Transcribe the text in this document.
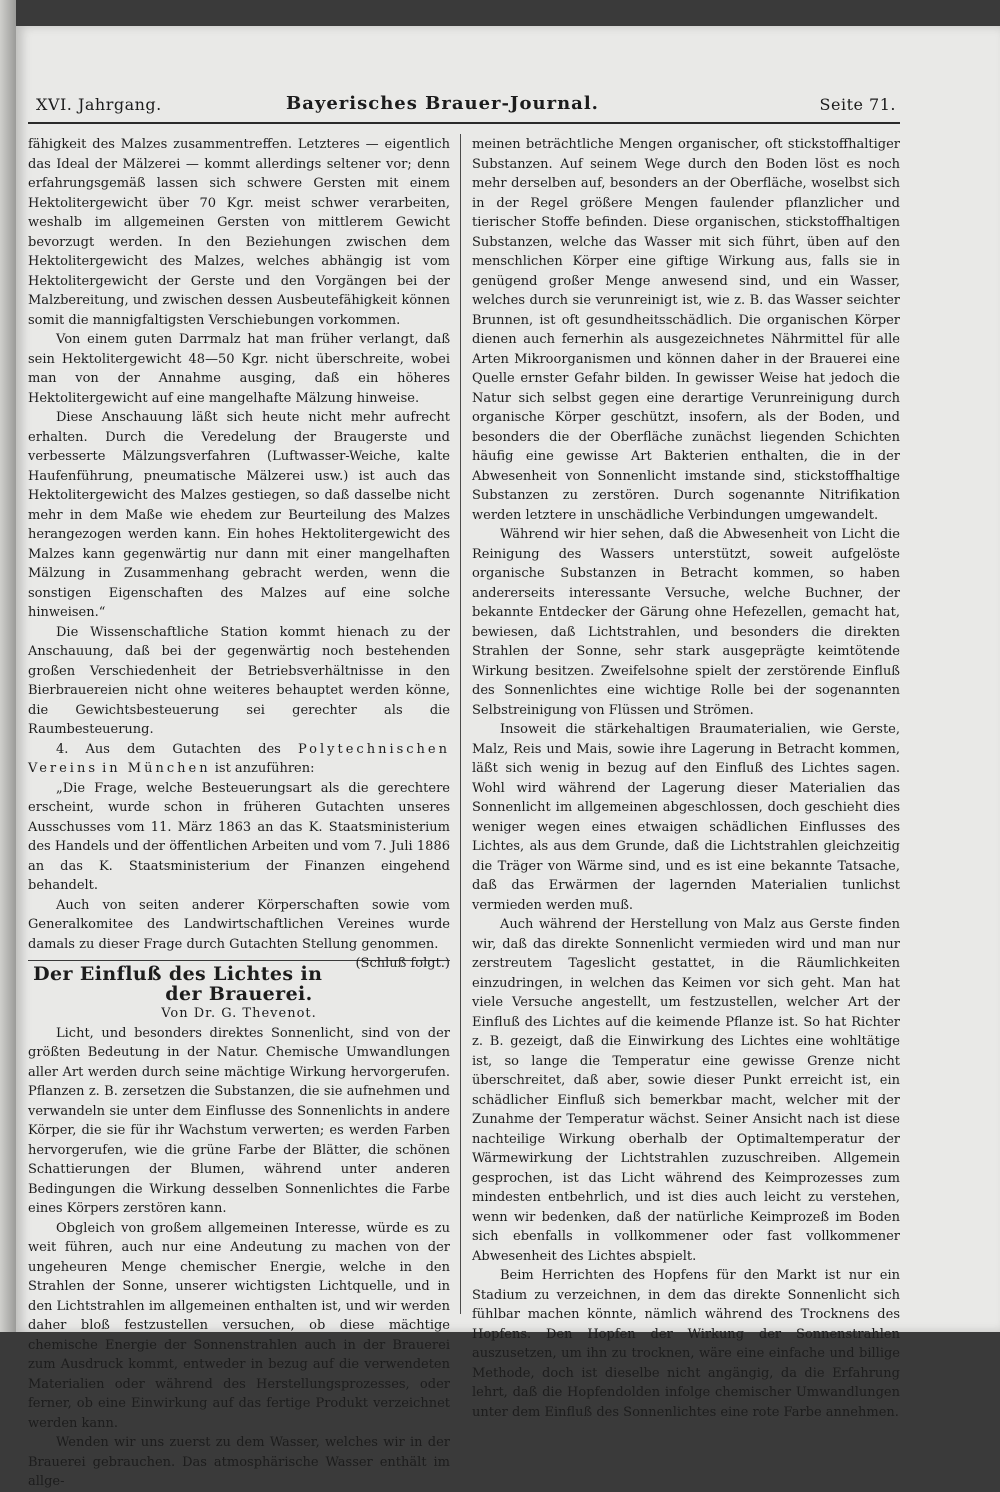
XVI. Jahrgang.	Bayerisches Brauer-Journal.	Seite 71.

fähigkeit des Malzes zusammentreffen. Letzteres — eigentlich das Ideal der Mälzerei — kommt allerdings seltener vor; denn erfahrungsgemäß lassen sich schwere Gersten mit einem Hektolitergewicht über 70 Kgr. meist schwer verarbeiten, weshalb im allgemeinen Gersten von mittlerem Gewicht bevorzugt werden. In den Beziehungen zwischen dem Hektolitergewicht des Malzes, welches abhängig ist vom Hektolitergewicht der Gerste und den Vorgängen bei der Malzbereitung, und zwischen dessen Ausbeutefähigkeit können somit die mannigfaltigsten Verschiebungen vorkommen.

Von einem guten Darrmalz hat man früher verlangt, daß sein Hektolitergewicht 48—50 Kgr. nicht überschreite, wobei man von der Annahme ausging, daß ein höheres Hektolitergewicht auf eine mangelhafte Mälzung hinweise.

Diese Anschauung läßt sich heute nicht mehr aufrecht erhalten. Durch die Veredelung der Braugerste und verbesserte Mälzungsverfahren (Luftwasser-Weiche, kalte Haufenführung, pneumatische Mälzerei usw.) ist auch das Hektolitergewicht des Malzes gestiegen, so daß dasselbe nicht mehr in dem Maße wie ehedem zur Beurteilung des Malzes herangezogen werden kann. Ein hohes Hektolitergewicht des Malzes kann gegenwärtig nur dann mit einer mangelhaften Mälzung in Zusammenhang gebracht werden, wenn die sonstigen Eigenschaften des Malzes auf eine solche hinweisen.“

Die Wissenschaftliche Station kommt hienach zu der Anschauung, daß bei der gegenwärtig noch bestehenden großen Verschiedenheit der Betriebsverhältnisse in den Bierbrauereien nicht ohne weiteres behauptet werden könne, die Gewichtsbesteuerung sei gerechter als die Raumbesteuerung.

4. Aus dem Gutachten des Polytechnischen Vereins in München ist anzuführen:

„Die Frage, welche Besteuerungsart als die gerechtere erscheint, wurde schon in früheren Gutachten unseres Ausschusses vom 11. März 1863 an das K. Staatsministerium des Handels und der öffentlichen Arbeiten und vom 7. Juli 1886 an das K. Staatsministerium der Finanzen eingehend behandelt.

Auch von seiten anderer Körperschaften sowie vom Generalkomitee des Landwirtschaftlichen Vereines wurde damals zu dieser Frage durch Gutachten Stellung genommen.
(Schluß folgt.)

Der Einfluß des Lichtes in der Brauerei.

Von Dr. G. Thevenot.

Licht, und besonders direktes Sonnenlicht, sind von der größten Bedeutung in der Natur. Chemische Umwandlungen aller Art werden durch seine mächtige Wirkung hervorgerufen. Pflanzen z. B. zersetzen die Substanzen, die sie aufnehmen und verwandeln sie unter dem Einflusse des Sonnenlichts in andere Körper, die sie für ihr Wachstum verwerten; es werden Farben hervorgerufen, wie die grüne Farbe der Blätter, die schönen Schattierungen der Blumen, während unter anderen Bedingungen die Wirkung desselben Sonnenlichtes die Farbe eines Körpers zerstören kann.

Obgleich von großem allgemeinen Interesse, würde es zu weit führen, auch nur eine Andeutung zu machen von der ungeheuren Menge chemischer Energie, welche in den Strahlen der Sonne, unserer wichtigsten Lichtquelle, und in den Lichtstrahlen im allgemeinen enthalten ist, und wir werden daher bloß festzustellen versuchen, ob diese mächtige chemische Energie der Sonnenstrahlen auch in der Brauerei zum Ausdruck kommt, entweder in bezug auf die verwendeten Materialien oder während des Herstellungsprozesses, oder ferner, ob eine Einwirkung auf das fertige Produkt verzeichnet werden kann.

Wenden wir uns zuerst zu dem Wasser, welches wir in der Brauerei gebrauchen. Das atmosphärische Wasser enthält im allge-

meinen beträchtliche Mengen organischer, oft stickstoffhaltiger Substanzen. Auf seinem Wege durch den Boden löst es noch mehr derselben auf, besonders an der Oberfläche, woselbst sich in der Regel größere Mengen faulender pflanzlicher und tierischer Stoffe befinden. Diese organischen, stickstoffhaltigen Substanzen, welche das Wasser mit sich führt, üben auf den menschlichen Körper eine giftige Wirkung aus, falls sie in genügend großer Menge anwesend sind, und ein Wasser, welches durch sie verunreinigt ist, wie z. B. das Wasser seichter Brunnen, ist oft gesundheitsschädlich. Die organischen Körper dienen auch fernerhin als ausgezeichnetes Nährmittel für alle Arten Mikroorganismen und können daher in der Brauerei eine Quelle ernster Gefahr bilden. In gewisser Weise hat jedoch die Natur sich selbst gegen eine derartige Verunreinigung durch organische Körper geschützt, insofern, als der Boden, und besonders die der Oberfläche zunächst liegenden Schichten häufig eine gewisse Art Bakterien enthalten, die in der Abwesenheit von Sonnenlicht imstande sind, stickstoffhaltige Substanzen zu zerstören. Durch sogenannte Nitrifikation werden letztere in unschädliche Verbindungen umgewandelt.

Während wir hier sehen, daß die Abwesenheit von Licht die Reinigung des Wassers unterstützt, soweit aufgelöste organische Substanzen in Betracht kommen, so haben andererseits interessante Versuche, welche Buchner, der bekannte Entdecker der Gärung ohne Hefezellen, gemacht hat, bewiesen, daß Lichtstrahlen, und besonders die direkten Strahlen der Sonne, sehr stark ausgeprägte keimtötende Wirkung besitzen. Zweifelsohne spielt der zerstörende Einfluß des Sonnenlichtes eine wichtige Rolle bei der sogenannten Selbstreinigung von Flüssen und Strömen.

Insoweit die stärkehaltigen Braumaterialien, wie Gerste, Malz, Reis und Mais, sowie ihre Lagerung in Betracht kommen, läßt sich wenig in bezug auf den Einfluß des Lichtes sagen. Wohl wird während der Lagerung dieser Materialien das Sonnenlicht im allgemeinen abgeschlossen, doch geschieht dies weniger wegen eines etwaigen schädlichen Einflusses des Lichtes, als aus dem Grunde, daß die Lichtstrahlen gleichzeitig die Träger von Wärme sind, und es ist eine bekannte Tatsache, daß das Erwärmen der lagernden Materialien tunlichst vermieden werden muß.

Auch während der Herstellung von Malz aus Gerste finden wir, daß das direkte Sonnenlicht vermieden wird und man nur zerstreutem Tageslicht gestattet, in die Räumlichkeiten einzudringen, in welchen das Keimen vor sich geht. Man hat viele Versuche angestellt, um festzustellen, welcher Art der Einfluß des Lichtes auf die keimende Pflanze ist. So hat Richter z. B. gezeigt, daß die Einwirkung des Lichtes eine wohltätige ist, so lange die Temperatur eine gewisse Grenze nicht überschreitet, daß aber, sowie dieser Punkt erreicht ist, ein schädlicher Einfluß sich bemerkbar macht, welcher mit der Zunahme der Temperatur wächst. Seiner Ansicht nach ist diese nachteilige Wirkung oberhalb der Optimaltemperatur der Wärmewirkung der Lichtstrahlen zuzuschreiben. Allgemein gesprochen, ist das Licht während des Keimprozesses zum mindesten entbehrlich, und ist dies auch leicht zu verstehen, wenn wir bedenken, daß der natürliche Keimprozeß im Boden sich ebenfalls in vollkommener oder fast vollkommener Abwesenheit des Lichtes abspielt.

Beim Herrichten des Hopfens für den Markt ist nur ein Stadium zu verzeichnen, in dem das direkte Sonnenlicht sich fühlbar machen könnte, nämlich während des Trocknens des Hopfens. Den Hopfen der Wirkung der Sonnenstrahlen auszusetzen, um ihn zu trocknen, wäre eine einfache und billige Methode, doch ist dieselbe nicht angängig, da die Erfahrung lehrt, daß die Hopfendolden infolge chemischer Umwandlungen unter dem Einfluß des Sonnenlichtes eine rote Farbe annehmen.
